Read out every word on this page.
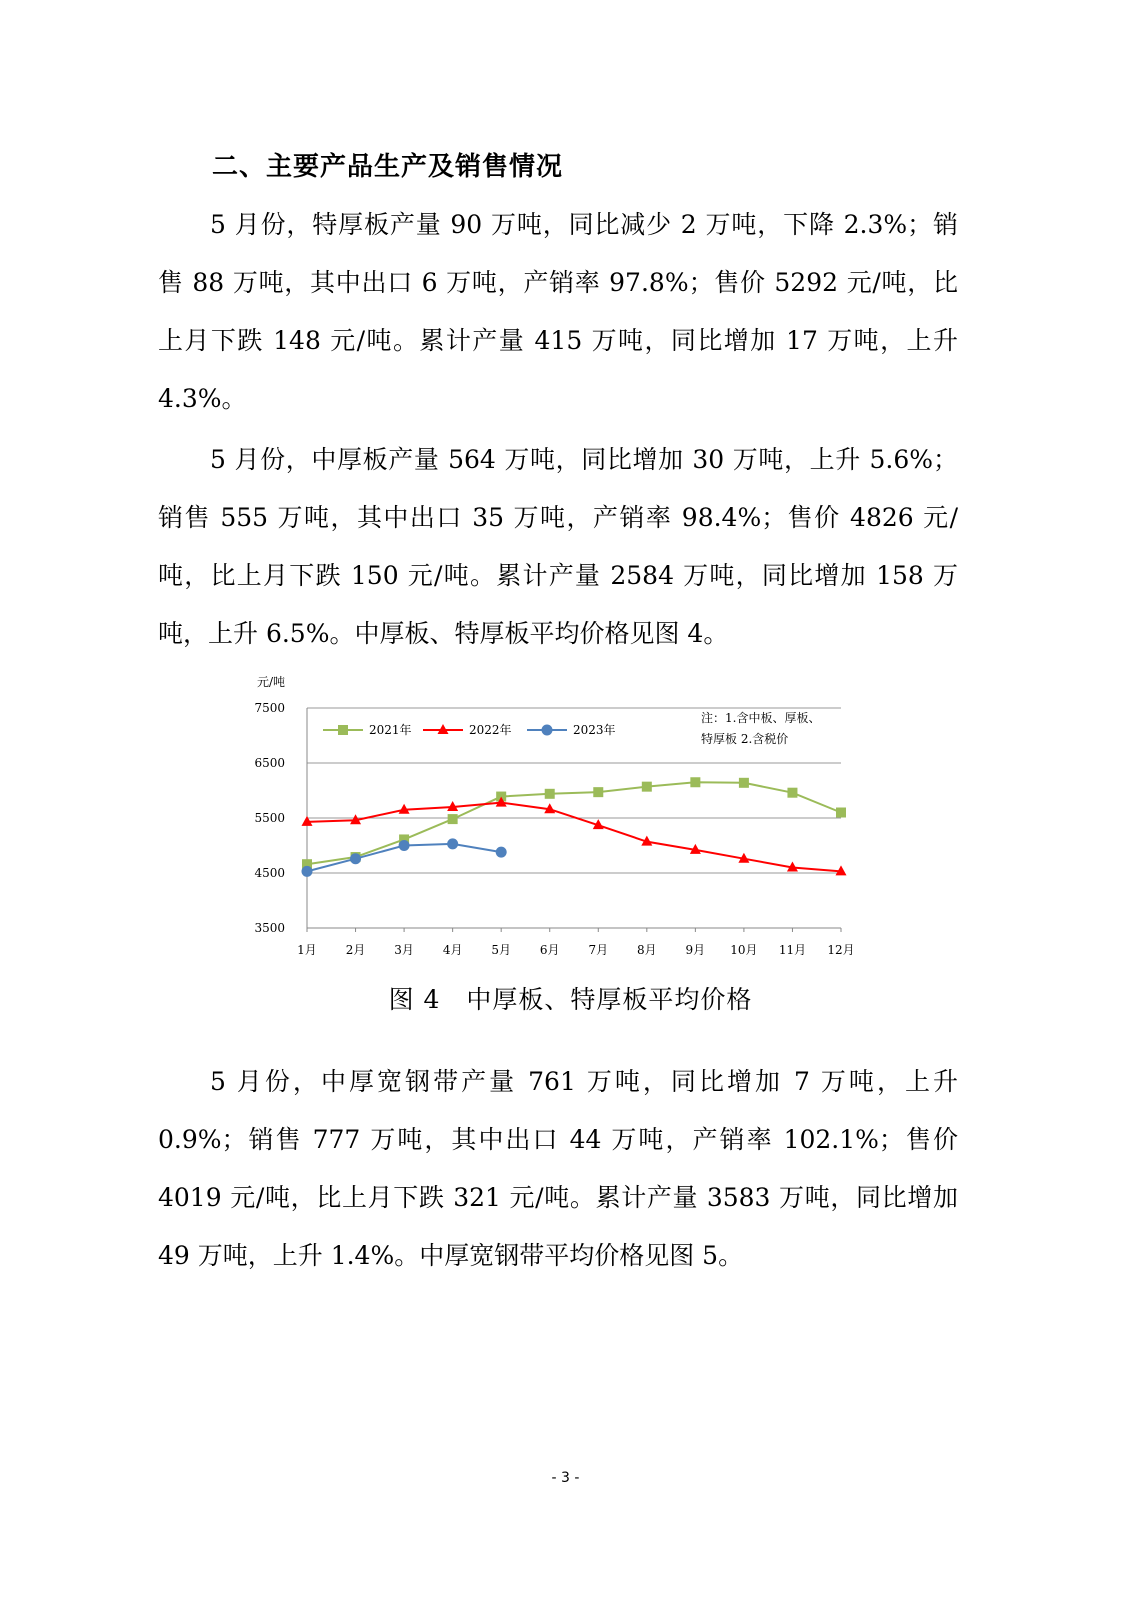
二、主要产品生产及销售情况

5 月份，特厚板产量 90 万吨，同比减少 2 万吨，下降 2.3%；销售 88 万吨，其中出口 6 万吨，产销率 97.8%；售价 5292 元/吨，比上月下跌 148 元/吨。累计产量 415 万吨，同比增加 17 万吨，上升 4.3%。

5 月份，中厚板产量 564 万吨，同比增加 30 万吨，上升 5.6%；销售 555 万吨，其中出口 35 万吨，产销率 98.4%；售价 4826 元/吨，比上月下跌 150 元/吨。累计产量 2584 万吨，同比增加 158 万吨，上升 6.5%。中厚板、特厚板平均价格见图 4。

元/吨
3500
4500
5500
6500
7500
1月 2月 3月 4月 5月 6月 7月 8月 9月 10月 11月 12月
2021年	2022年	2023年
注：1.含中板、厚板、
特厚板 2.含税价
图 4　中厚板、特厚板平均价格

5 月份，中厚宽钢带产量 761 万吨，同比增加 7 万吨，上升 0.9%；销售 777 万吨，其中出口 44 万吨，产销率 102.1%；售价 4019 元/吨，比上月下跌 321 元/吨。累计产量 3583 万吨，同比增加 49 万吨，上升 1.4%。中厚宽钢带平均价格见图 5。

- 3 -
